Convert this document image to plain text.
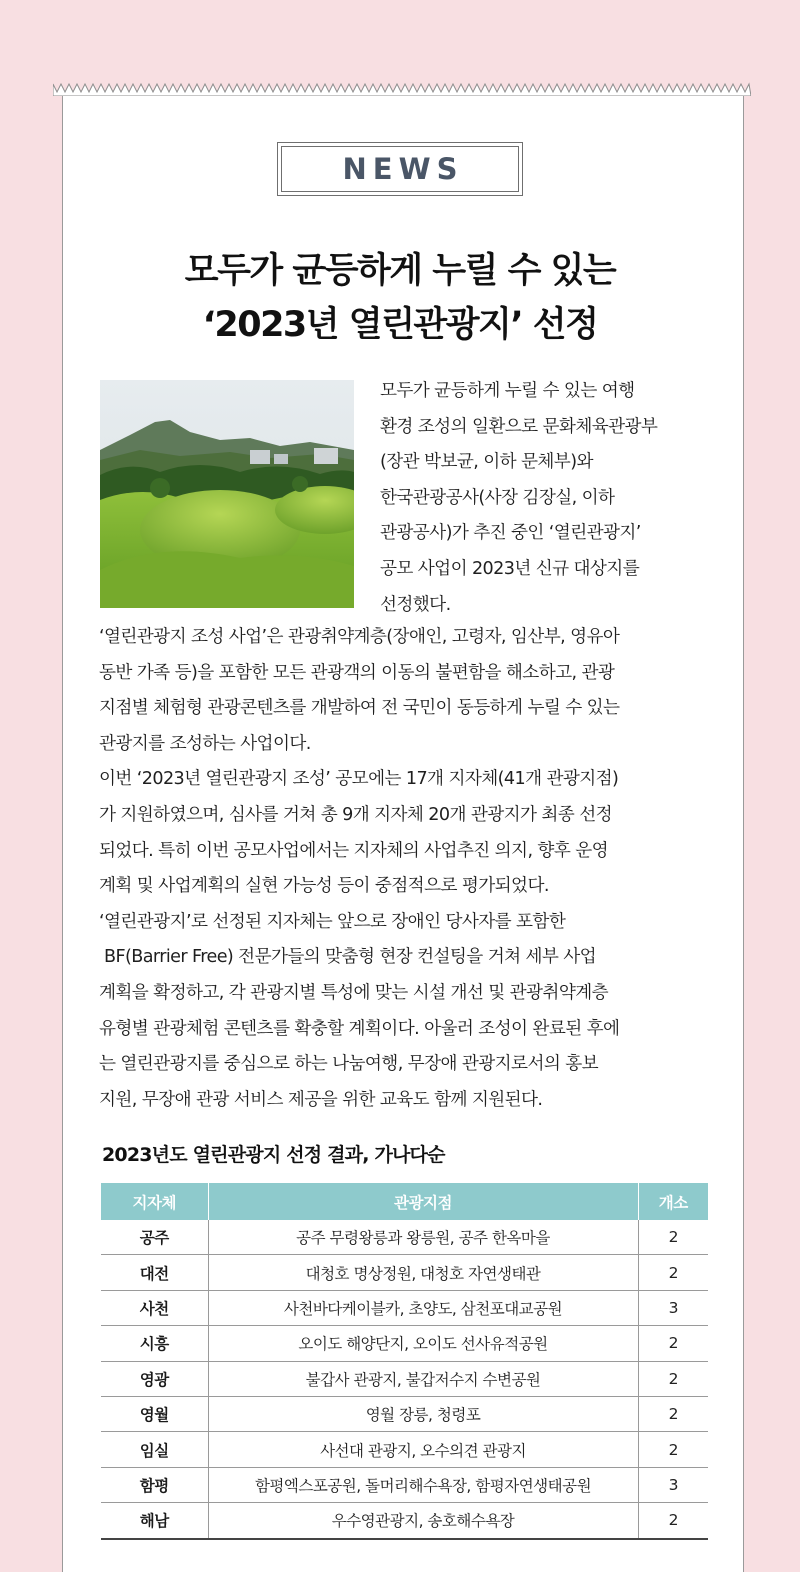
NEWS
모두가 균등하게 누릴 수 있는
‘2023년 열린관광지’ 선정
모두가 균등하게 누릴 수 있는 여행
환경 조성의 일환으로 문화체육관광부
(장관 박보균, 이하 문체부)와
한국관광공사(사장 김장실, 이하
관광공사)가 추진 중인 ‘열린관광지’
공모 사업이 2023년 신규 대상지를
선정했다.
‘열린관광지 조성 사업’은 관광취약계층(장애인, 고령자, 임산부, 영유아
동반 가족 등)을 포함한 모든 관광객의 이동의 불편함을 해소하고, 관광
지점별 체험형 관광콘텐츠를 개발하여 전 국민이 동등하게 누릴 수 있는
관광지를 조성하는 사업이다.
이번 ‘2023년 열린관광지 조성’ 공모에는 17개 지자체(41개 관광지점)
가 지원하였으며, 심사를 거쳐 총 9개 지자체 20개 관광지가 최종 선정
되었다. 특히 이번 공모사업에서는 지자체의 사업추진 의지, 향후 운영
계획 및 사업계획의 실현 가능성 등이 중점적으로 평가되었다.
‘열린관광지’로 선정된 지자체는 앞으로 장애인 당사자를 포함한
BF(Barrier Free) 전문가들의 맞춤형 현장 컨설팅을 거쳐 세부 사업
계획을 확정하고, 각 관광지별 특성에 맞는 시설 개선 및 관광취약계층
유형별 관광체험 콘텐츠를 확충할 계획이다. 아울러 조성이 완료된 후에
는 열린관광지를 중심으로 하는 나눔여행, 무장애 관광지로서의 홍보
지원, 무장애 관광 서비스 제공을 위한 교육도 함께 지원된다.
2023년도 열린관광지 선정 결과, 가나다순
지자체	관광지점	개소
공주	공주 무령왕릉과 왕릉원, 공주 한옥마을	2
대전	대청호 명상정원, 대청호 자연생태관	2
사천	사천바다케이블카, 초양도, 삼천포대교공원	3
시흥	오이도 해양단지, 오이도 선사유적공원	2
영광	불갑사 관광지, 불갑저수지 수변공원	2
영월	영월 장릉, 청령포	2
임실	사선대 관광지, 오수의견 관광지	2
함평	함평엑스포공원, 돌머리해수욕장, 함평자연생태공원	3
해남	우수영관광지, 송호해수욕장	2
